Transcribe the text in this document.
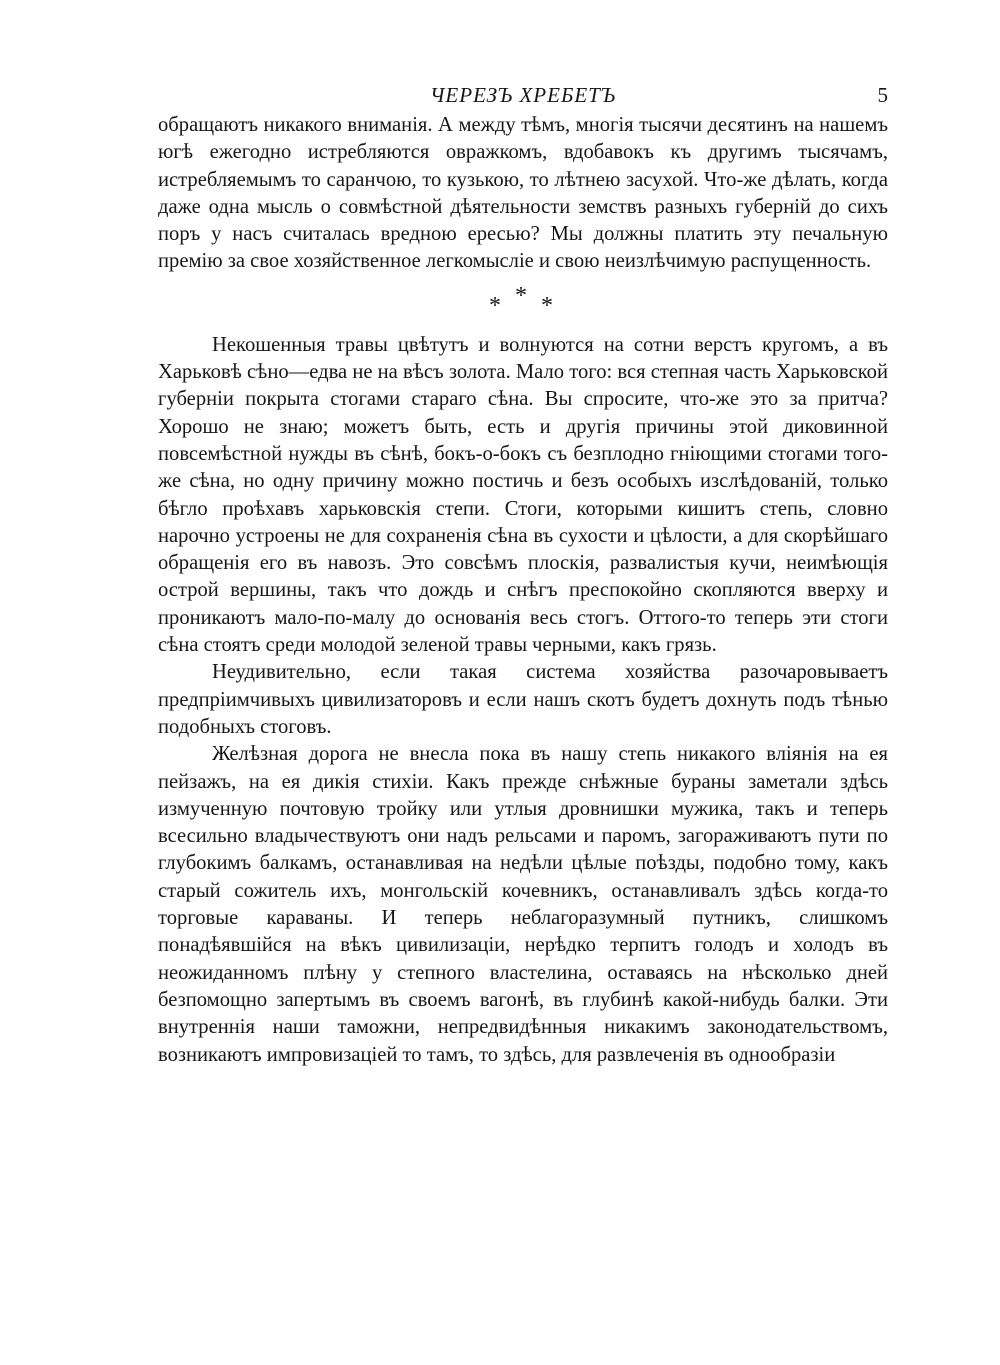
ЧЕРЕЗЪ ХРЕБЕТЪ	5

обращаютъ никакого вниманія. А между тѣмъ, многія тысячи десятинъ на нашемъ югѣ ежегодно истребляются овражкомъ, вдобавокъ къ другимъ тысячамъ, истребляемымъ то саранчою, то кузькою, то лѣтнею засухой. Что-же дѣлать, когда даже одна мысль о совмѣстной дѣятельности земствъ разныхъ губерній до сихъ поръ у насъ считалась вредною ересью? Мы должны платить эту печальную премію за свое хозяйственное легкомысліе и свою неизлѣчимую распущенность.

* * *

Некошенныя травы цвѣтутъ и волнуются на сотни верстъ кругомъ, а въ Харьковѣ сѣно—едва не на вѣсъ золота. Мало того: вся степная часть Харьковской губерніи покрыта стогами стараго сѣна. Вы спросите, что-же это за притча? Хорошо не знаю; можетъ быть, есть и другія причины этой диковинной повсемѣстной нужды въ сѣнѣ, бокъ-о-бокъ съ безплодно гніющими стогами того-же сѣна, но одну причину можно постичь и безъ особыхъ изслѣдованій, только бѣгло проѣхавъ харьковскія степи. Стоги, которыми кишитъ степь, словно нарочно устроены не для сохраненія сѣна въ сухости и цѣлости, а для скорѣйшаго обращенія его въ навозъ. Это совсѣмъ плоскія, развалистыя кучи, неимѣющія острой вершины, такъ что дождь и снѣгъ преспокойно скопляются вверху и проникаютъ мало-по-малу до основанія весь стогъ. Оттого-то теперь эти стоги сѣна стоятъ среди молодой зеленой травы черными, какъ грязь.

Неудивительно, если такая система хозяйства разочаровываетъ предпріимчивыхъ цивилизаторовъ и если нашъ скотъ будетъ дохнуть подъ тѣнью подобныхъ стоговъ.

Желѣзная дорога не внесла пока въ нашу степь никакого вліянія на ея пейзажъ, на ея дикія стихіи. Какъ прежде снѣжные бураны заметали здѣсь измученную почтовую тройку или утлыя дровнишки мужика, такъ и теперь всесильно владычествуютъ они надъ рельсами и паромъ, загораживаютъ пути по глубокимъ балкамъ, останавливая на недѣли цѣлые поѣзды, подобно тому, какъ старый сожитель ихъ, монгольскій кочевникъ, останавливалъ здѣсь когда-то торговые караваны. И теперь неблагоразумный путникъ, слишкомъ понадѣявшійся на вѣкъ цивилизаціи, нерѣдко терпитъ голодъ и холодъ въ неожиданномъ плѣну у степного властелина, оставаясь на нѣсколько дней безпомощно запертымъ въ своемъ вагонѣ, въ глубинѣ какой-нибудь балки. Эти внутреннія наши таможни, непредвидѣнныя никакимъ законодательствомъ, возникаютъ импровизаціей то тамъ, то здѣсь, для развлеченія въ однообразіи
